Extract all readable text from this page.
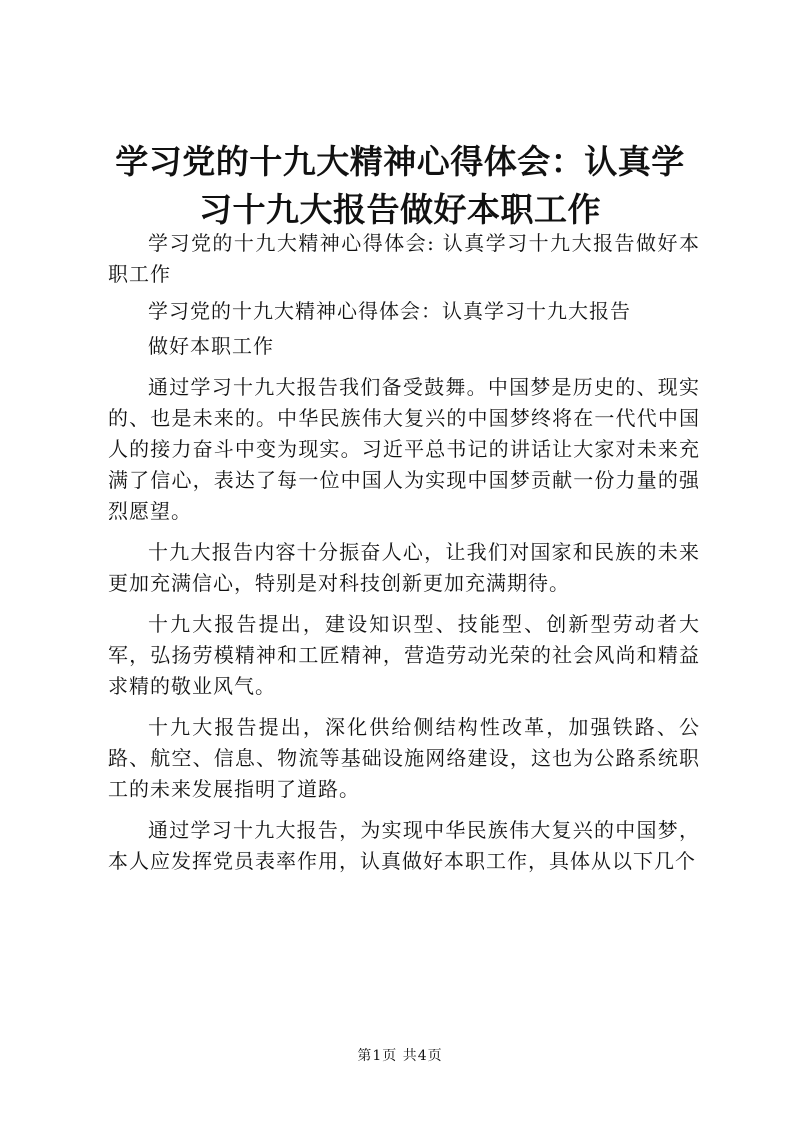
学习党的十九大精神心得体会：认真学习十九大报告做好本职工作

学习党的十九大精神心得体会: 认真学习十九大报告做好本职工作

学习党的十九大精神心得体会：认真学习十九大报告

做好本职工作

通过学习十九大报告我们备受鼓舞。中国梦是历史的、现实的、也是未来的。中华民族伟大复兴的中国梦终将在一代代中国人的接力奋斗中变为现实。习近平总书记的讲话让大家对未来充满了信心，表达了每一位中国人为实现中国梦贡献一份力量的强烈愿望。

十九大报告内容十分振奋人心，让我们对国家和民族的未来更加充满信心，特别是对科技创新更加充满期待。

十九大报告提出，建设知识型、技能型、创新型劳动者大军，弘扬劳模精神和工匠精神，营造劳动光荣的社会风尚和精益求精的敬业风气。

十九大报告提出，深化供给侧结构性改革，加强铁路、公路、航空、信息、物流等基础设施网络建设，这也为公路系统职工的未来发展指明了道路。

通过学习十九大报告，为实现中华民族伟大复兴的中国梦，本人应发挥党员表率作用，认真做好本职工作，具体从以下几个

第1页 共4页
